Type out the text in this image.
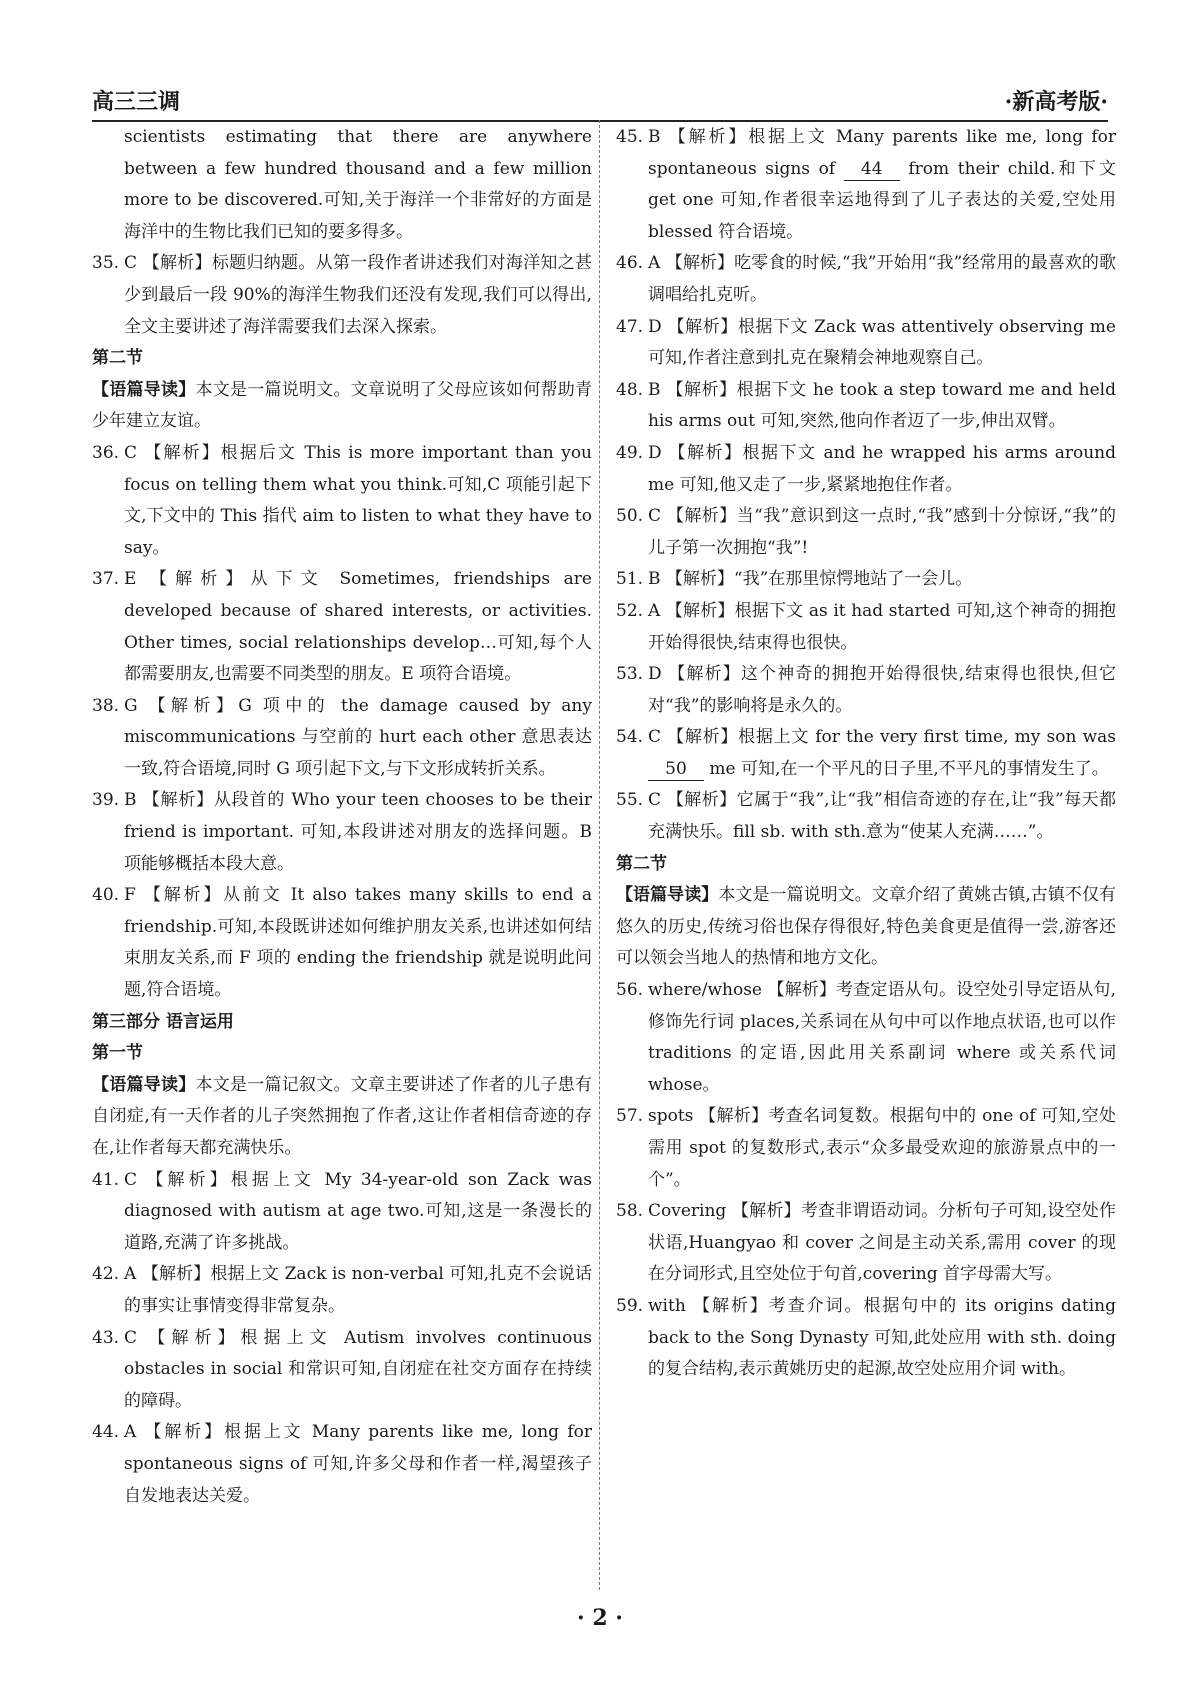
高三三调	·新高考版·
scientists estimating that there are anywhere between a few hundred thousand and a few million more to be discovered.可知,关于海洋一个非常好的方面是海洋中的生物比我们已知的要多得多。
35. C 【解析】标题归纳题。从第一段作者讲述我们对海洋知之甚少到最后一段 90%的海洋生物我们还没有发现,我们可以得出,全文主要讲述了海洋需要我们去深入探索。
第二节
【语篇导读】本文是一篇说明文。文章说明了父母应该如何帮助青少年建立友谊。
36. C 【解析】根据后文 This is more important than you focus on telling them what you think.可知,C 项能引起下文,下文中的 This 指代 aim to listen to what they have to say。
37. E 【解析】从下文 Sometimes, friendships are developed because of shared interests, or activities. Other times, social relationships develop…可知,每个人都需要朋友,也需要不同类型的朋友。E 项符合语境。
38. G 【解析】G 项中的 the damage caused by any miscommunications 与空前的 hurt each other 意思表达一致,符合语境,同时 G 项引起下文,与下文形成转折关系。
39. B 【解析】从段首的 Who your teen chooses to be their friend is important. 可知,本段讲述对朋友的选择问题。B 项能够概括本段大意。
40. F 【解析】从前文 It also takes many skills to end a friendship.可知,本段既讲述如何维护朋友关系,也讲述如何结束朋友关系,而 F 项的 ending the friendship 就是说明此问题,符合语境。
第三部分 语言运用
第一节
【语篇导读】本文是一篇记叙文。文章主要讲述了作者的儿子患有自闭症,有一天作者的儿子突然拥抱了作者,这让作者相信奇迹的存在,让作者每天都充满快乐。
41. C 【解析】根据上文 My 34-year-old son Zack was diagnosed with autism at age two.可知,这是一条漫长的道路,充满了许多挑战。
42. A 【解析】根据上文 Zack is non-verbal 可知,扎克不会说话的事实让事情变得非常复杂。
43. C 【解析】根据上文 Autism involves continuous obstacles in social 和常识可知,自闭症在社交方面存在持续的障碍。
44. A 【解析】根据上文 Many parents like me, long for spontaneous signs of 可知,许多父母和作者一样,渴望孩子自发地表达关爱。
45. B 【解析】根据上文 Many parents like me, long for spontaneous signs of 44 from their child.和下文 get one 可知,作者很幸运地得到了儿子表达的关爱,空处用 blessed 符合语境。
46. A 【解析】吃零食的时候,“我”开始用“我”经常用的最喜欢的歌调唱给扎克听。
47. D 【解析】根据下文 Zack was attentively observing me 可知,作者注意到扎克在聚精会神地观察自己。
48. B 【解析】根据下文 he took a step toward me and held his arms out 可知,突然,他向作者迈了一步,伸出双臂。
49. D 【解析】根据下文 and he wrapped his arms around me 可知,他又走了一步,紧紧地抱住作者。
50. C 【解析】当“我”意识到这一点时,“我”感到十分惊讶,“我”的儿子第一次拥抱“我”!
51. B 【解析】“我”在那里惊愕地站了一会儿。
52. A 【解析】根据下文 as it had started 可知,这个神奇的拥抱开始得很快,结束得也很快。
53. D 【解析】这个神奇的拥抱开始得很快,结束得也很快,但它对“我”的影响将是永久的。
54. C 【解析】根据上文 for the very first time, my son was 50 me 可知,在一个平凡的日子里,不平凡的事情发生了。
55. C 【解析】它属于“我”,让“我”相信奇迹的存在,让“我”每天都充满快乐。fill sb. with sth.意为“使某人充满……”。
第二节
【语篇导读】本文是一篇说明文。文章介绍了黄姚古镇,古镇不仅有悠久的历史,传统习俗也保存得很好,特色美食更是值得一尝,游客还可以领会当地人的热情和地方文化。
56. where/whose 【解析】考查定语从句。设空处引导定语从句,修饰先行词 places,关系词在从句中可以作地点状语,也可以作 traditions 的定语,因此用关系副词 where 或关系代词 whose。
57. spots 【解析】考查名词复数。根据句中的 one of 可知,空处需用 spot 的复数形式,表示“众多最受欢迎的旅游景点中的一个”。
58. Covering 【解析】考查非谓语动词。分析句子可知,设空处作状语,Huangyao 和 cover 之间是主动关系,需用 cover 的现在分词形式,且空处位于句首,covering 首字母需大写。
59. with 【解析】考查介词。根据句中的 its origins dating back to the Song Dynasty 可知,此处应用 with sth. doing 的复合结构,表示黄姚历史的起源,故空处应用介词 with。
· 2 ·
